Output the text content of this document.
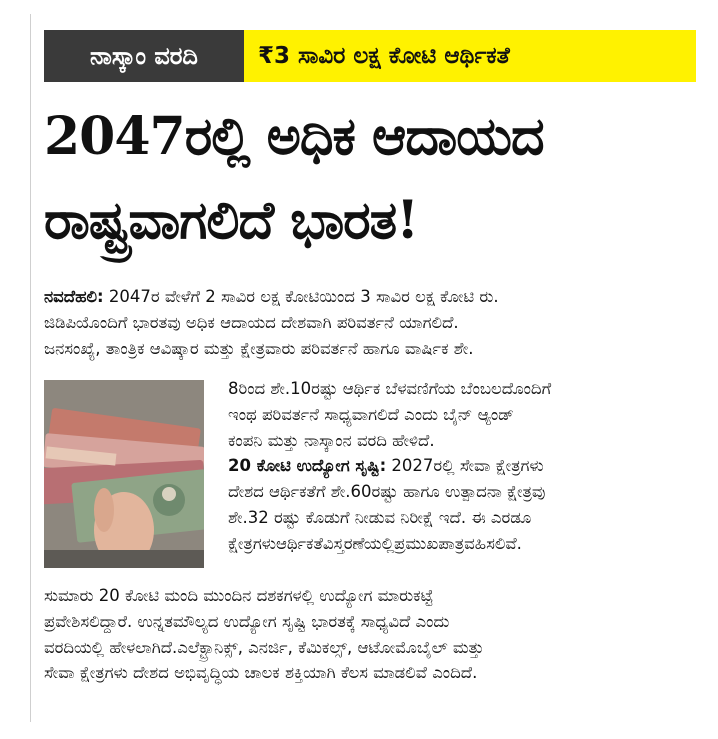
ನಾಸ್ಕಾಂ ವರದಿ	₹3 ಸಾವಿರ ಲಕ್ಷ ಕೋಟಿ ಆರ್ಥಿಕತೆ
2047ರಲ್ಲಿ ಅಧಿಕ ಆದಾಯದ
ರಾಷ್ಟ್ರವಾಗಲಿದೆ ಭಾರತ!
ನವದೆಹಲಿ: 2047ರ ವೇಳೆಗೆ 2 ಸಾವಿರ ಲಕ್ಷ ಕೋಟಿಯಿಂದ 3 ಸಾವಿರ ಲಕ್ಷ ಕೋಟಿ ರು.
ಜಿಡಿಪಿಯೊಂದಿಗೆ ಭಾರತವು ಅಧಿಕ ಆದಾಯದ ದೇಶವಾಗಿ ಪರಿವರ್ತನೆ ಯಾಗಲಿದೆ.
ಜನಸಂಖ್ಯೆ, ತಾಂತ್ರಿಕ ಆವಿಷ್ಕಾರ ಮತ್ತು ಕ್ಷೇತ್ರವಾರು ಪರಿವರ್ತನೆ ಹಾಗೂ ವಾರ್ಷಿಕ ಶೇ.
8ರಿಂದ ಶೇ.10ರಷ್ಟು ಆರ್ಥಿಕ ಬೆಳವಣಿಗೆಯ ಬೆಂಬಲದೊಂದಿಗೆ
ಇಂಥ ಪರಿವರ್ತನೆ ಸಾಧ್ಯವಾಗಲಿದೆ ಎಂದು ಬೈನ್ ಆ್ಯಂಡ್
ಕಂಪನಿ ಮತ್ತು ನಾಸ್ಕಾಂನ ವರದಿ ಹೇಳಿದೆ.
20 ಕೋಟಿ ಉದ್ಯೋಗ ಸೃಷ್ಟಿ: 2027ರಲ್ಲಿ ಸೇವಾ ಕ್ಷೇತ್ರಗಳು
ದೇಶದ ಆರ್ಥಿಕತೆಗೆ ಶೇ.60ರಷ್ಟು ಹಾಗೂ ಉತ್ಪಾದನಾ ಕ್ಷೇತ್ರವು
ಶೇ.32 ರಷ್ಟು ಕೊಡುಗೆ ನೀಡುವ ನಿರೀಕ್ಷೆ ಇದೆ. ಈ ಎರಡೂ
ಕ್ಷೇತ್ರಗಳುಆರ್ಥಿಕತೆವಿಸ್ತರಣೆಯಲ್ಲಿಪ್ರಮುಖಪಾತ್ರವಹಿಸಲಿವೆ.
ಸುಮಾರು 20 ಕೋಟಿ ಮಂದಿ ಮುಂದಿನ ದಶಕಗಳಲ್ಲಿ ಉದ್ಯೋಗ ಮಾರುಕಟ್ಟೆ
ಪ್ರವೇಶಿಸಲಿದ್ದಾರೆ. ಉನ್ನತಮೌಲ್ಯದ ಉದ್ಯೋಗ ಸೃಷ್ಟಿ ಭಾರತಕ್ಕೆ ಸಾಧ್ಯವಿದೆ ಎಂದು
ವರದಿಯಲ್ಲಿ ಹೇಳಲಾಗಿದೆ.ಎಲೆಕ್ಟ್ರಾನಿಕ್ಸ್, ಎನರ್ಜಿ, ಕೆಮಿಕಲ್ಸ್, ಆಟೋಮೊಬೈಲ್ ಮತ್ತು
ಸೇವಾ ಕ್ಷೇತ್ರಗಳು ದೇಶದ ಅಭಿವೃದ್ಧಿಯ ಚಾಲಕ ಶಕ್ತಿಯಾಗಿ ಕೆಲಸ ಮಾಡಲಿವೆ ಎಂದಿದೆ.
